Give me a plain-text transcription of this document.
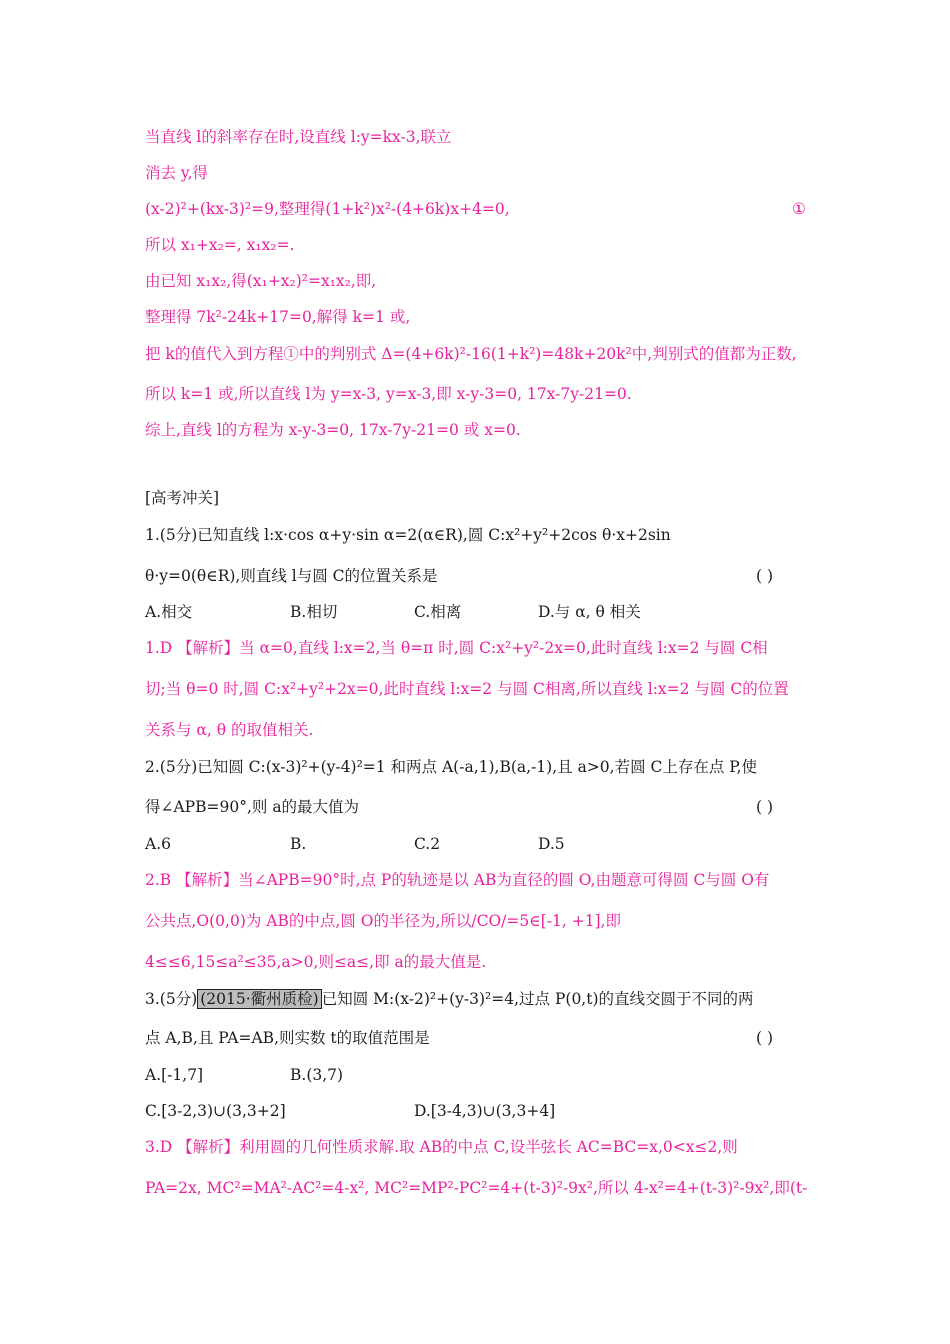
当直线 l的斜率存在时,设直线 l:y=kx-3,联立
消去 y,得
(x-2)²+(kx-3)²=9,整理得(1+k²)x²-(4+6k)x+4=0,	①
所以 x₁+x₂=, x₁x₂=.
由已知 x₁x₂,得(x₁+x₂)²=x₁x₂,即,
整理得 7k²-24k+17=0,解得 k=1 或,
把 k的值代入到方程①中的判别式 Δ=(4+6k)²-16(1+k²)=48k+20k²中,判别式的值都为正数,
所以 k=1 或,所以直线 l为 y=x-3, y=x-3,即 x-y-3=0, 17x-7y-21=0.
综上,直线 l的方程为 x-y-3=0, 17x-7y-21=0 或 x=0.
[高考冲关]
1.(5分)已知直线 l:x·cos α+y·sin α=2(α∈R),圆 C:x²+y²+2cos θ·x+2sin
θ·y=0(θ∈R),则直线 l与圆 C的位置关系是	( )
A.相交	B.相切	C.相离	D.与 α, θ 相关
1.D 【解析】当 α=0,直线 l:x=2,当 θ=π 时,圆 C:x²+y²-2x=0,此时直线 l:x=2 与圆 C相
切;当 θ=0 时,圆 C:x²+y²+2x=0,此时直线 l:x=2 与圆 C相离,所以直线 l:x=2 与圆 C的位置
关系与 α, θ 的取值相关.
2.(5分)已知圆 C:(x-3)²+(y-4)²=1 和两点 A(-a,1),B(a,-1),且 a>0,若圆 C上存在点 P,使
得∠APB=90°,则 a的最大值为	( )
A.6	B.	C.2	D.5
2.B 【解析】当∠APB=90°时,点 P的轨迹是以 AB为直径的圆 O,由题意可得圆 C与圆 O有
公共点,O(0,0)为 AB的中点,圆 O的半径为,所以/CO/=5∈[-1, +1],即
4≤≤6,15≤a²≤35,a>0,则≤a≤,即 a的最大值是.
3.(5分) (2015·衢州质检) 已知圆 M:(x-2)²+(y-3)²=4,过点 P(0,t)的直线交圆于不同的两
点 A,B,且 PA=AB,则实数 t的取值范围是	( )
A.[-1,7]	B.(3,7)
C.[3-2,3)∪(3,3+2]	D.[3-4,3)∪(3,3+4]
3.D 【解析】利用圆的几何性质求解.取 AB的中点 C,设半弦长 AC=BC=x,0<x≤2,则
PA=2x, MC²=MA²-AC²=4-x², MC²=MP²-PC²=4+(t-3)²-9x²,所以 4-x²=4+(t-3)²-9x²,即(t-
